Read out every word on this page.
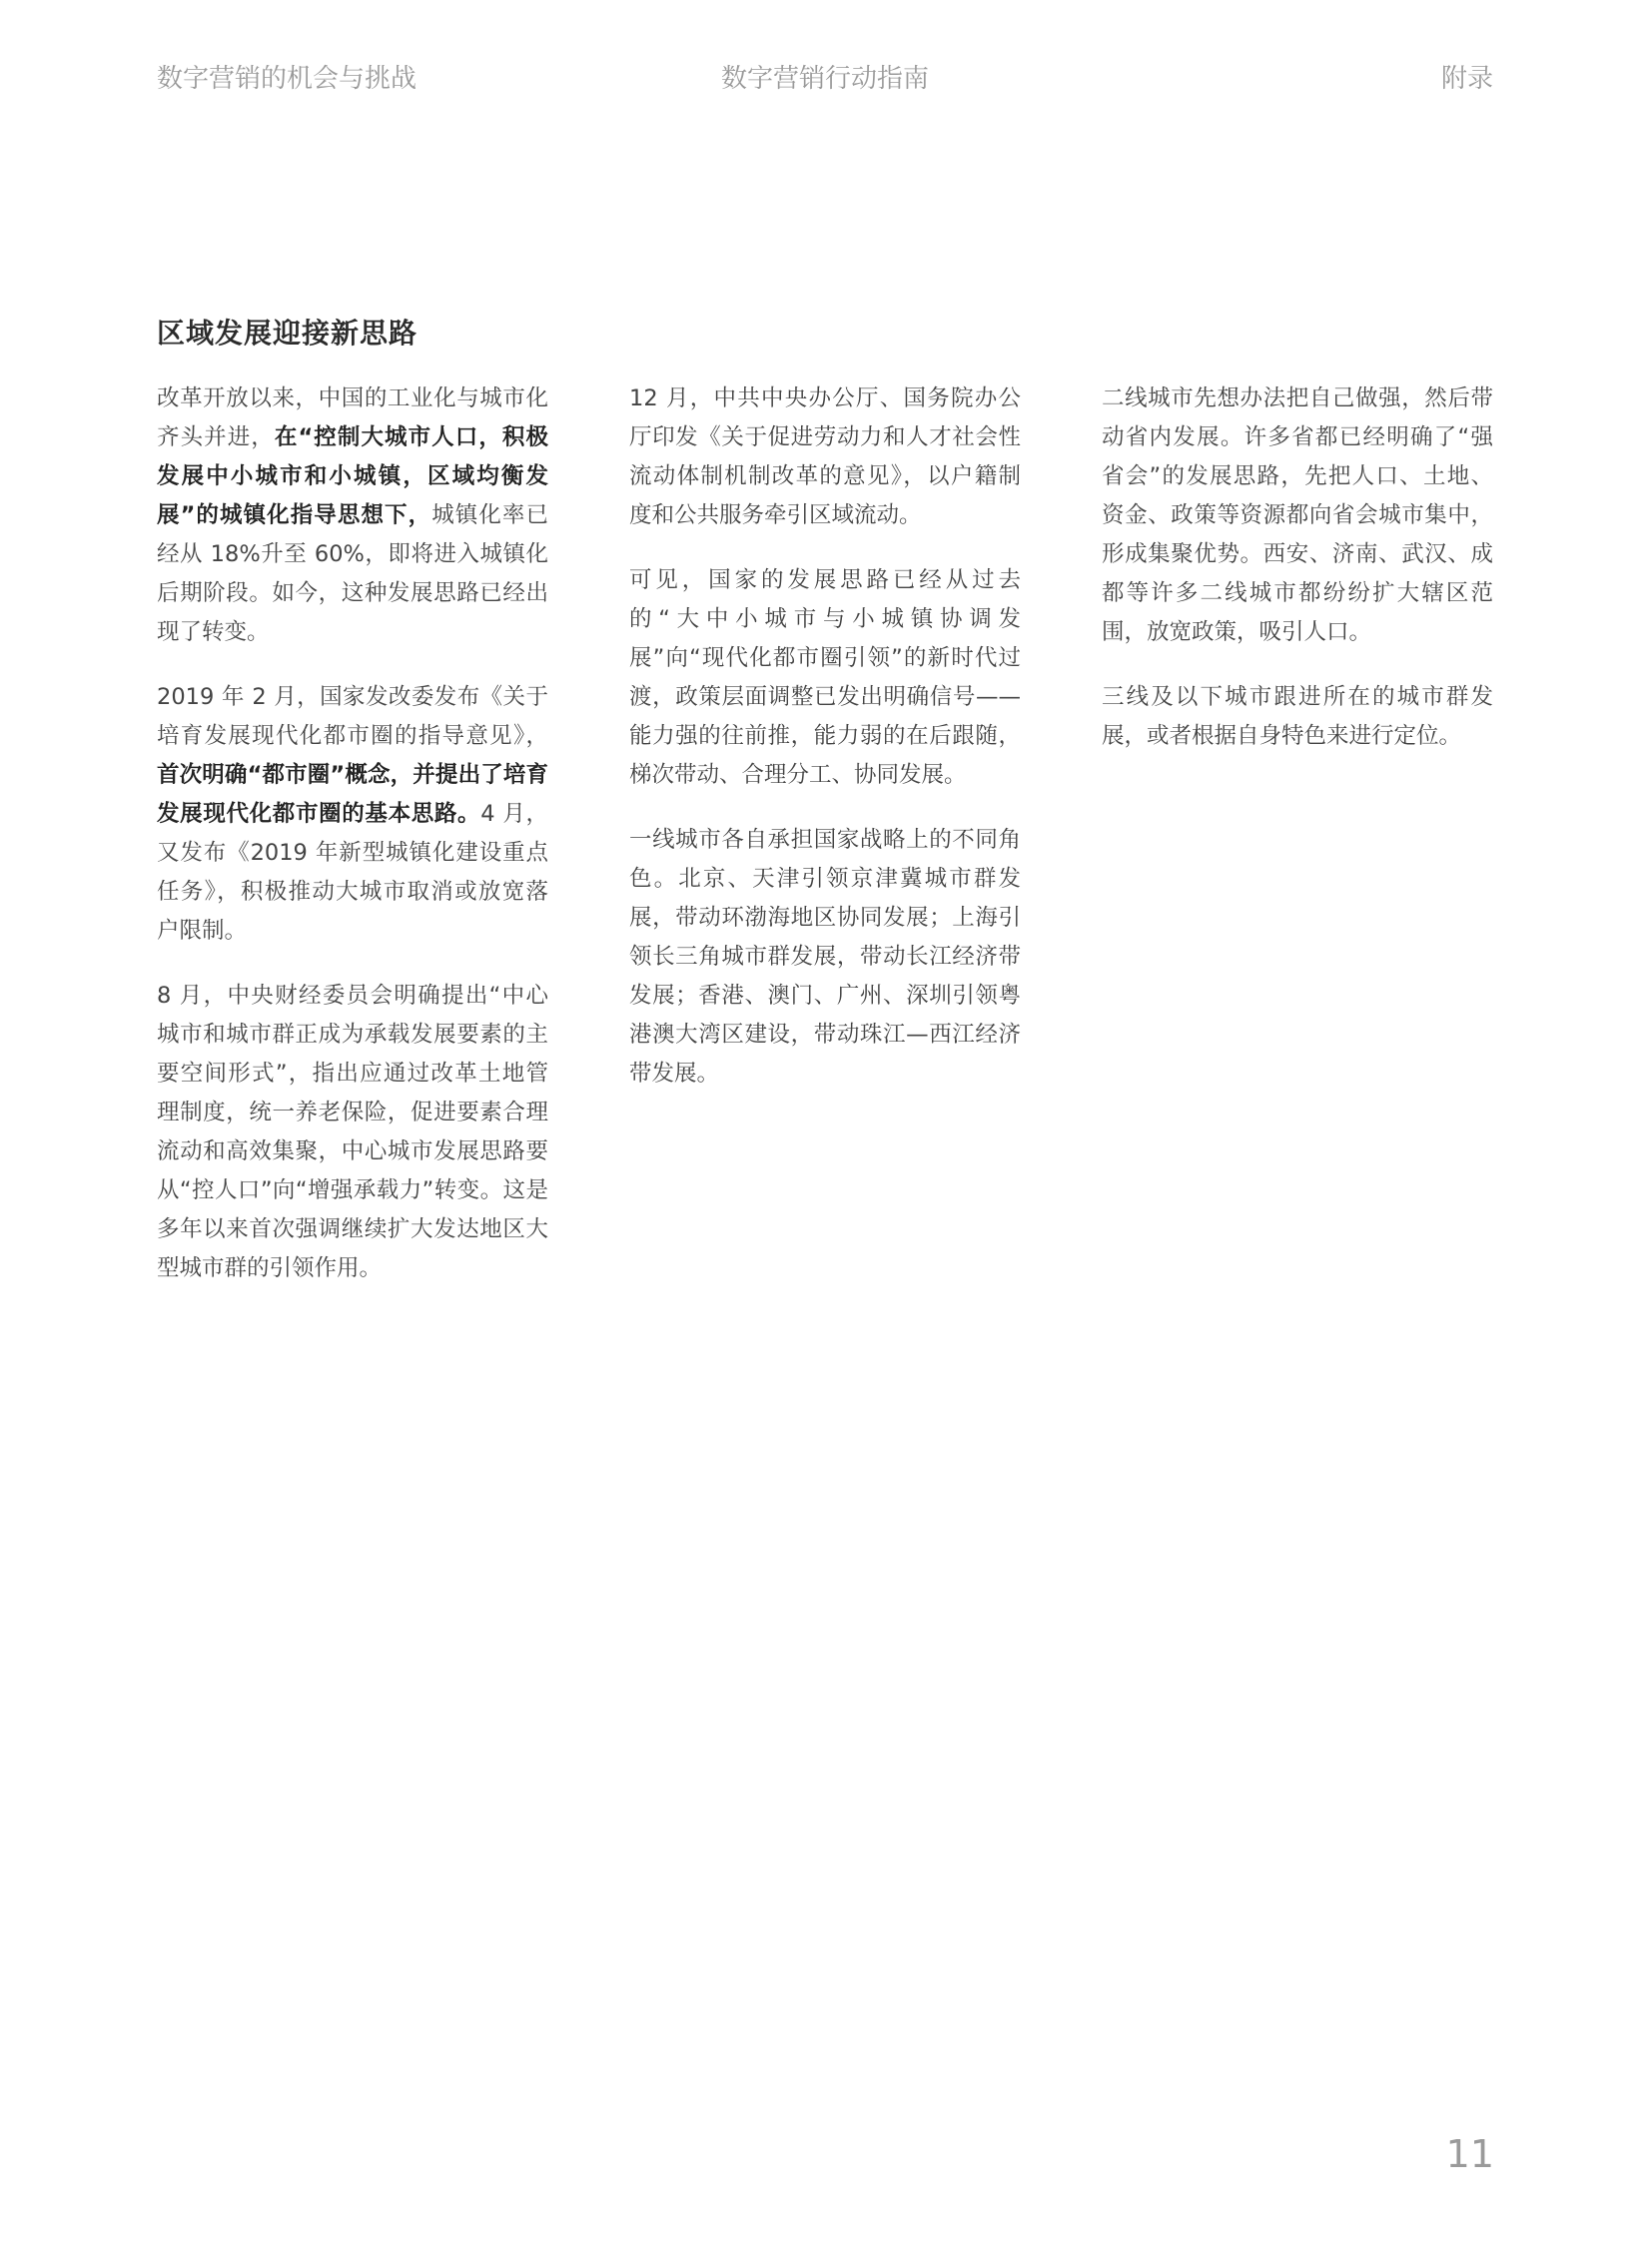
数字营销的机会与挑战	数字营销行动指南	附录
区域发展迎接新思路

改革开放以来，中国的工业化与城市化齐头并进，在“控制大城市人口，积极发展中小城市和小城镇，区域均衡发展”的城镇化指导思想下，城镇化率已经从 18%升至 60%，即将进入城镇化后期阶段。如今，这种发展思路已经出现了转变。

2019 年 2 月，国家发改委发布《关于培育发展现代化都市圈的指导意见》，首次明确“都市圈”概念，并提出了培育发展现代化都市圈的基本思路。4 月，又发布《2019 年新型城镇化建设重点任务》，积极推动大城市取消或放宽落户限制。

8 月，中央财经委员会明确提出“中心城市和城市群正成为承载发展要素的主要空间形式”，指出应通过改革土地管理制度，统一养老保险，促进要素合理流动和高效集聚，中心城市发展思路要从“控人口”向“增强承载力”转变。这是多年以来首次强调继续扩大发达地区大型城市群的引领作用。

12 月，中共中央办公厅、国务院办公厅印发《关于促进劳动力和人才社会性流动体制机制改革的意见》，以户籍制度和公共服务牵引区域流动。

可见，国家的发展思路已经从过去的“大中小城市与小城镇协调发展”向“现代化都市圈引领”的新时代过渡，政策层面调整已发出明确信号——能力强的往前推，能力弱的在后跟随，梯次带动、合理分工、协同发展。

一线城市各自承担国家战略上的不同角色。北京、天津引领京津冀城市群发展，带动环渤海地区协同发展；上海引领长三角城市群发展，带动长江经济带发展；香港、澳门、广州、深圳引领粤港澳大湾区建设，带动珠江—西江经济带发展。

二线城市先想办法把自己做强，然后带动省内发展。许多省都已经明确了“强省会”的发展思路，先把人口、土地、资金、政策等资源都向省会城市集中，形成集聚优势。西安、济南、武汉、成都等许多二线城市都纷纷扩大辖区范围，放宽政策，吸引人口。

三线及以下城市跟进所在的城市群发展，或者根据自身特色来进行定位。

11
